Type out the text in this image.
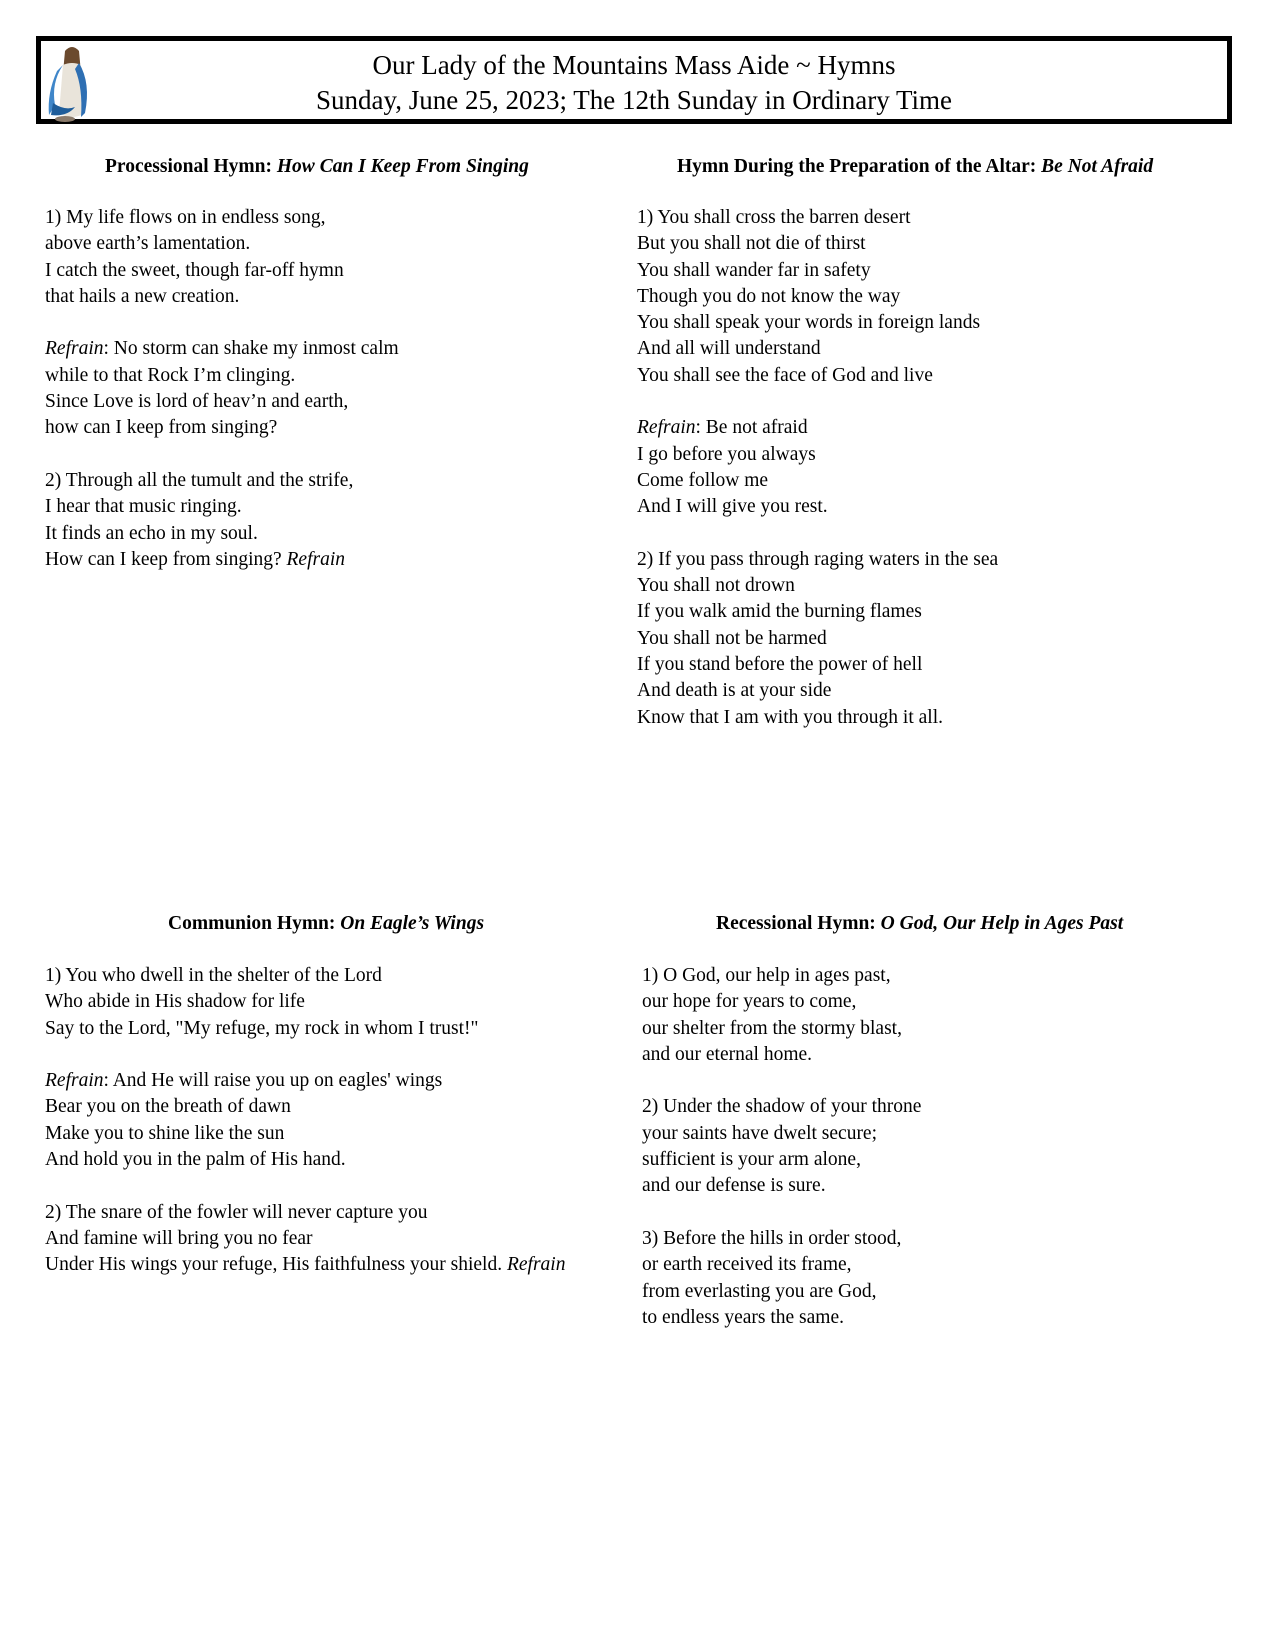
Our Lady of the Mountains Mass Aide ~ Hymns
Sunday, June 25, 2023; The 12th Sunday in Ordinary Time
Processional Hymn: How Can I Keep From Singing
1) My life flows on in endless song,
above earth’s lamentation.
I catch the sweet, though far-off hymn
that hails a new creation.
Refrain: No storm can shake my inmost calm
while to that Rock I’m clinging.
Since Love is lord of heav’n and earth,
how can I keep from singing?
2) Through all the tumult and the strife,
I hear that music ringing.
It finds an echo in my soul.
How can I keep from singing? Refrain
Hymn During the Preparation of the Altar: Be Not Afraid
1) You shall cross the barren desert
But you shall not die of thirst
You shall wander far in safety
Though you do not know the way
You shall speak your words in foreign lands
And all will understand
You shall see the face of God and live
Refrain: Be not afraid
I go before you always
Come follow me
And I will give you rest.
2) If you pass through raging waters in the sea
You shall not drown
If you walk amid the burning flames
You shall not be harmed
If you stand before the power of hell
And death is at your side
Know that I am with you through it all.
Communion Hymn: On Eagle’s Wings
1) You who dwell in the shelter of the Lord
Who abide in His shadow for life
Say to the Lord, "My refuge, my rock in whom I trust!"
Refrain: And He will raise you up on eagles' wings
Bear you on the breath of dawn
Make you to shine like the sun
And hold you in the palm of His hand.
2) The snare of the fowler will never capture you
And famine will bring you no fear
Under His wings your refuge, His faithfulness your shield. Refrain
Recessional Hymn: O God, Our Help in Ages Past
1) O God, our help in ages past,
our hope for years to come,
our shelter from the stormy blast,
and our eternal home.
2) Under the shadow of your throne
your saints have dwelt secure;
sufficient is your arm alone,
and our defense is sure.
3) Before the hills in order stood,
or earth received its frame,
from everlasting you are God,
to endless years the same.
